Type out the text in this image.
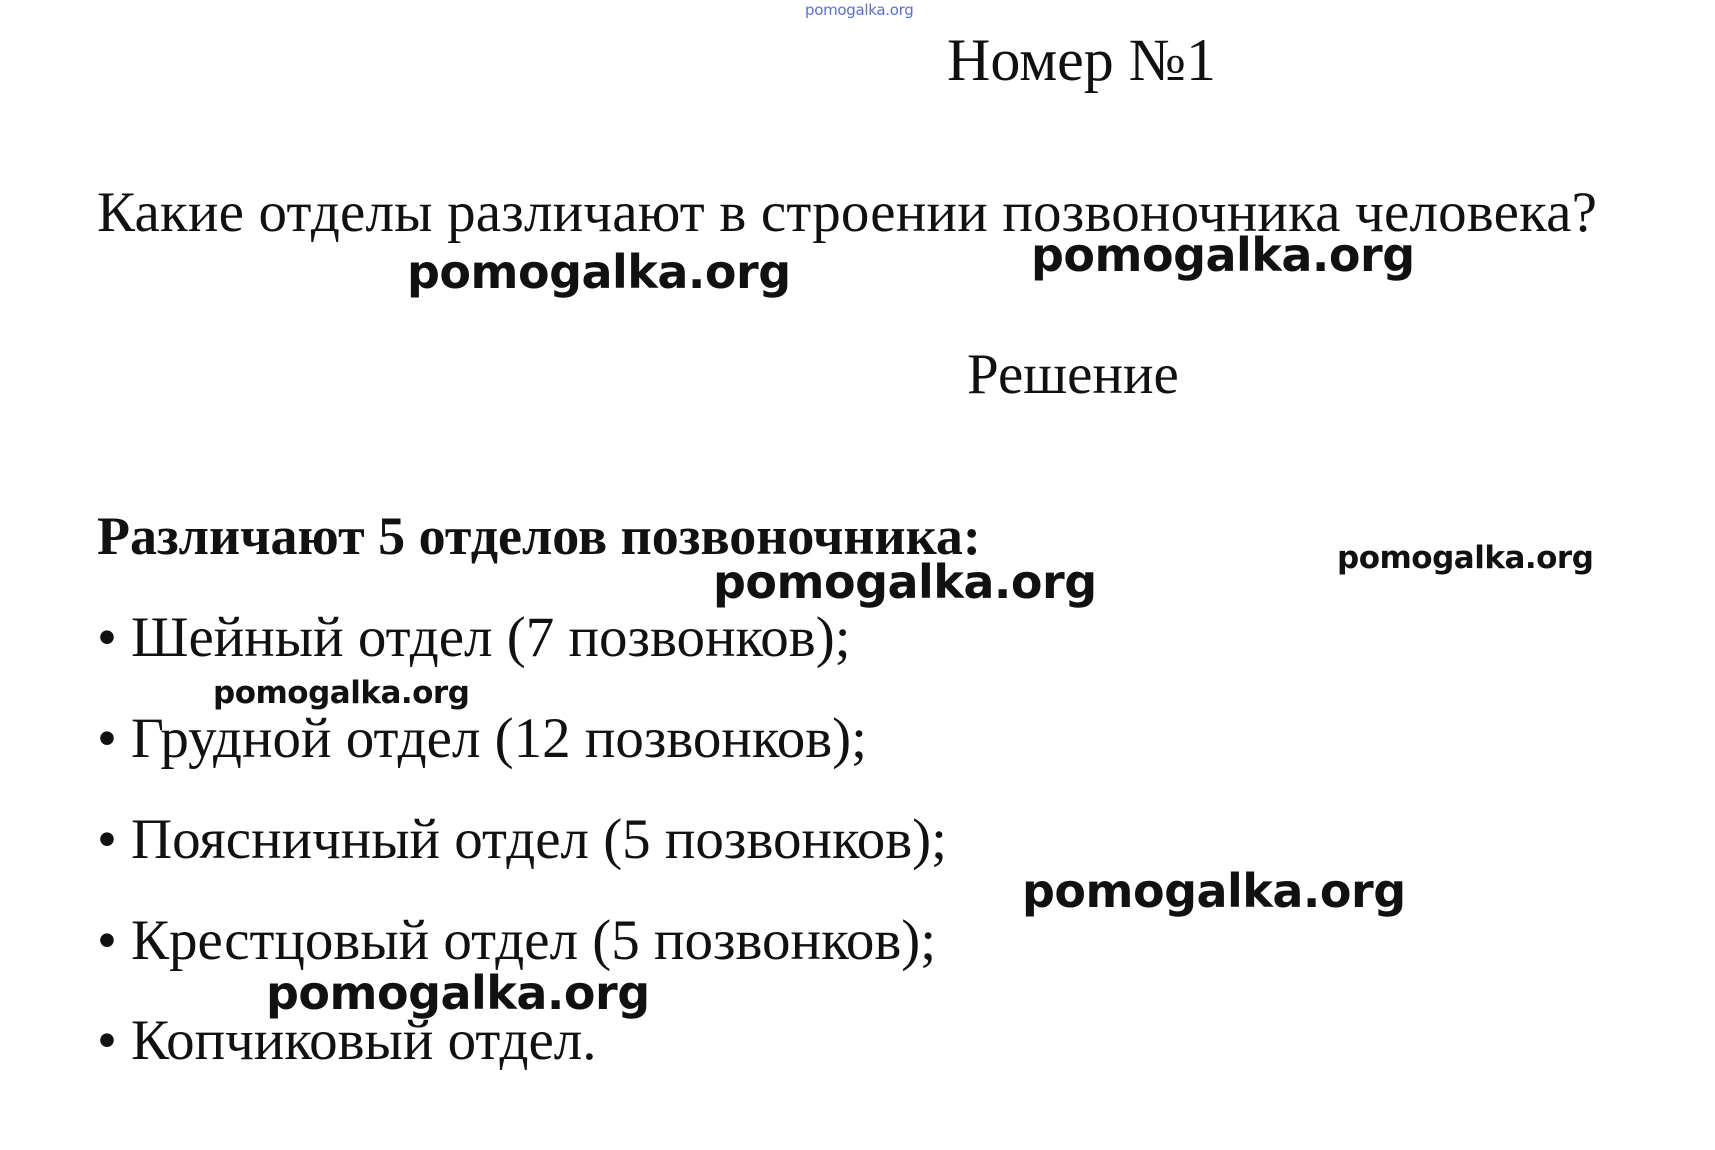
pomogalka.org
Номер №1
Какие отделы различают в строении позвоночника человека?
pomogalka.org	pomogalka.org
Решение
Различают 5 отделов позвоночника:	pomogalka.org
pomogalka.org
• Шейный отдел (7 позвонков);
pomogalka.org
• Грудной отдел (12 позвонков);
• Поясничный отдел (5 позвонков);
pomogalka.org
• Крестцовый отдел (5 позвонков);
pomogalka.org
• Копчиковый отдел.
